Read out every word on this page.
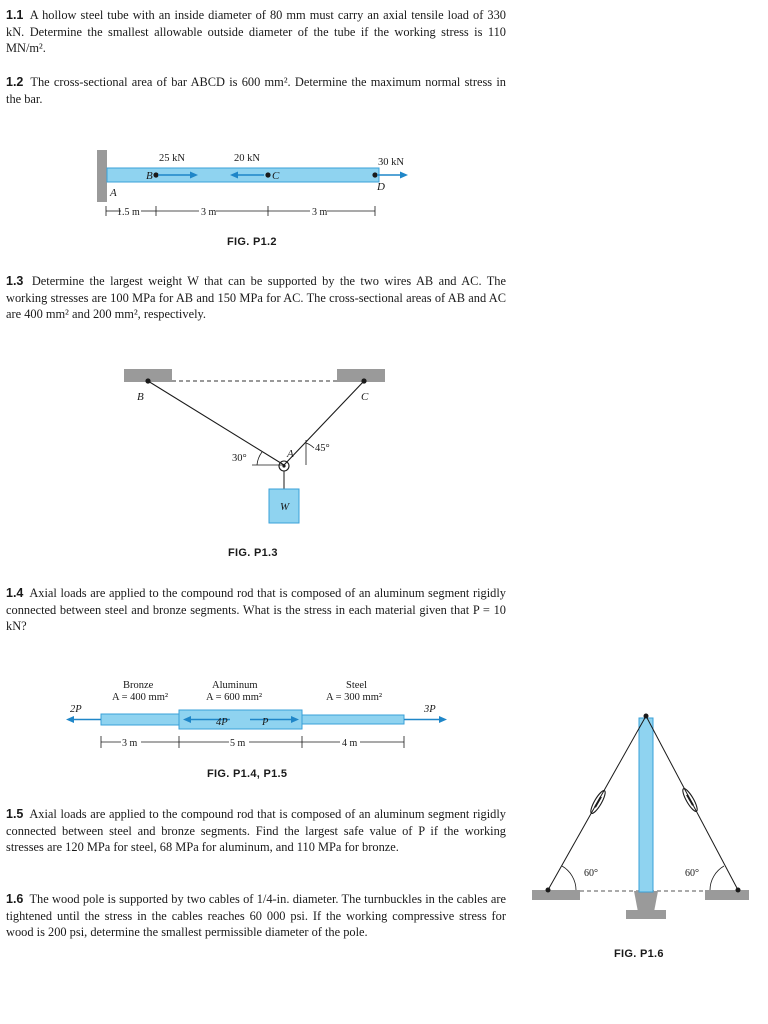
1.1 A hollow steel tube with an inside diameter of 80 mm must carry an axial tensile load of 330 kN. Determine the smallest allowable outside diameter of the tube if the working stress is 110 MN/m².
1.2 The cross-sectional area of bar ABCD is 600 mm². Determine the maximum normal stress in the bar.
25 kN	20 kN	30 kN
A
B	C
D
1.5 m	3 m	3 m
FIG. P1.2
1.3 Determine the largest weight W that can be supported by the two wires AB and AC. The working stresses are 100 MPa for AB and 150 MPa for AC. The cross-sectional areas of AB and AC are 400 mm² and 200 mm², respectively.
B	C
A
30°
45°
W
FIG. P1.3
1.4 Axial loads are applied to the compound rod that is composed of an aluminum segment rigidly connected between steel and bronze segments. What is the stress in each material given that P = 10 kN?
Bronze
A = 400 mm²
Aluminum
A = 600 mm²
Steel
A = 300 mm²
2P
4P	P
3P
3 m	5 m	4 m
FIG. P1.4, P1.5
1.5 Axial loads are applied to the compound rod that is composed of an aluminum segment rigidly connected between steel and bronze segments. Find the largest safe value of P if the working stresses are 120 MPa for steel, 68 MPa for aluminum, and 110 MPa for bronze.
1.6 The wood pole is supported by two cables of 1/4-in. diameter. The turnbuckles in the cables are tightened until the stress in the cables reaches 60 000 psi. If the working compressive stress for wood is 200 psi, determine the smallest permissible diameter of the pole.
60°	60°
FIG. P1.6
